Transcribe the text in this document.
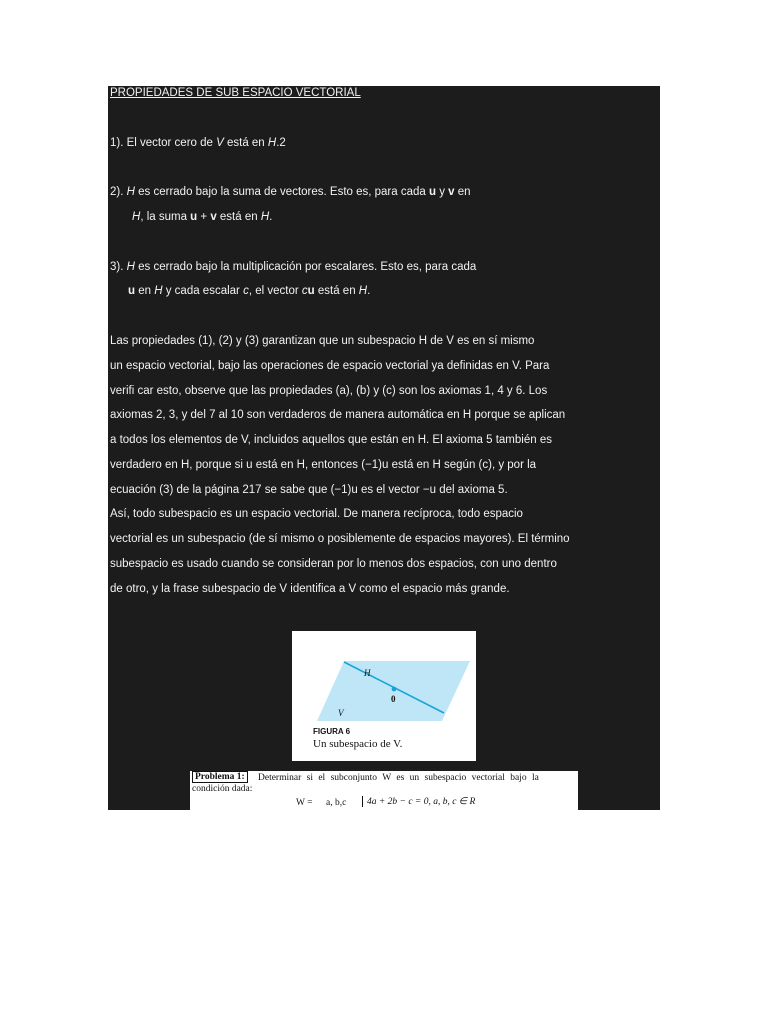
PROPIEDADES DE SUB ESPACIO VECTORIAL
1). El vector cero de V está en H.2
2). H es cerrado bajo la suma de vectores. Esto es, para cada u y v en
H, la suma u + v está en H.
3). H es cerrado bajo la multiplicación por escalares. Esto es, para cada
u en H y cada escalar c, el vector cu está en H.
Las propiedades (1), (2) y (3) garantizan que un subespacio H de V es en sí mismo
un espacio vectorial, bajo las operaciones de espacio vectorial ya definidas en V. Para
verifi car esto, observe que las propiedades (a), (b) y (c) son los axiomas 1, 4 y 6. Los
axiomas 2, 3, y del 7 al 10 son verdaderos de manera automática en H porque se aplican
a todos los elementos de V, incluidos aquellos que están en H. El axioma 5 también es
verdadero en H, porque si u está en H, entonces (−1)u está en H según (c), y por la
ecuación (3) de la página 217 se sabe que (−1)u es el vector −u del axioma 5.
Así, todo subespacio es un espacio vectorial. De manera recíproca, todo espacio
vectorial es un subespacio (de sí mismo o posiblemente de espacios mayores). El término
subespacio es usado cuando se consideran por lo menos dos espacios, con uno dentro
de otro, y la frase subespacio de V identifica a V como el espacio más grande.
H
0
V
FIGURA 6
Un subespacio de V.
Problema 1:	Determinar si el subconjunto W es un subespacio vectorial bajo la
condición dada:
W = a, b,c	4a + 2b − c = 0, a, b, c ∈ R
